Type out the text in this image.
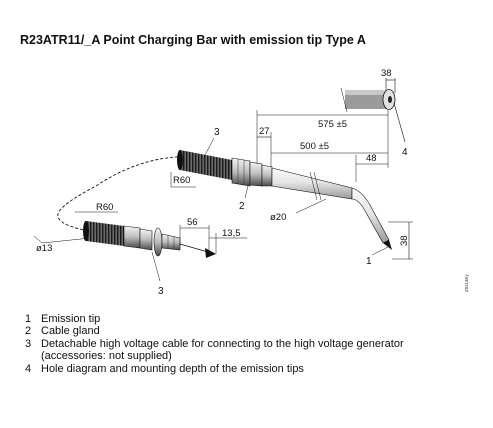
R23ATR11/_A Point Charging Bar with emission tip Type A
38
4
575 ±5
27
500 ±5
48
R60
3
2
1
ø20
38
R60
ø13
56
13,5
3	Z0114Ey
1 Emission tip
2 Cable gland
3 Detachable high voltage cable for connecting to the high voltage generator
(accessories: not supplied)
4 Hole diagram and mounting depth of the emission tips
